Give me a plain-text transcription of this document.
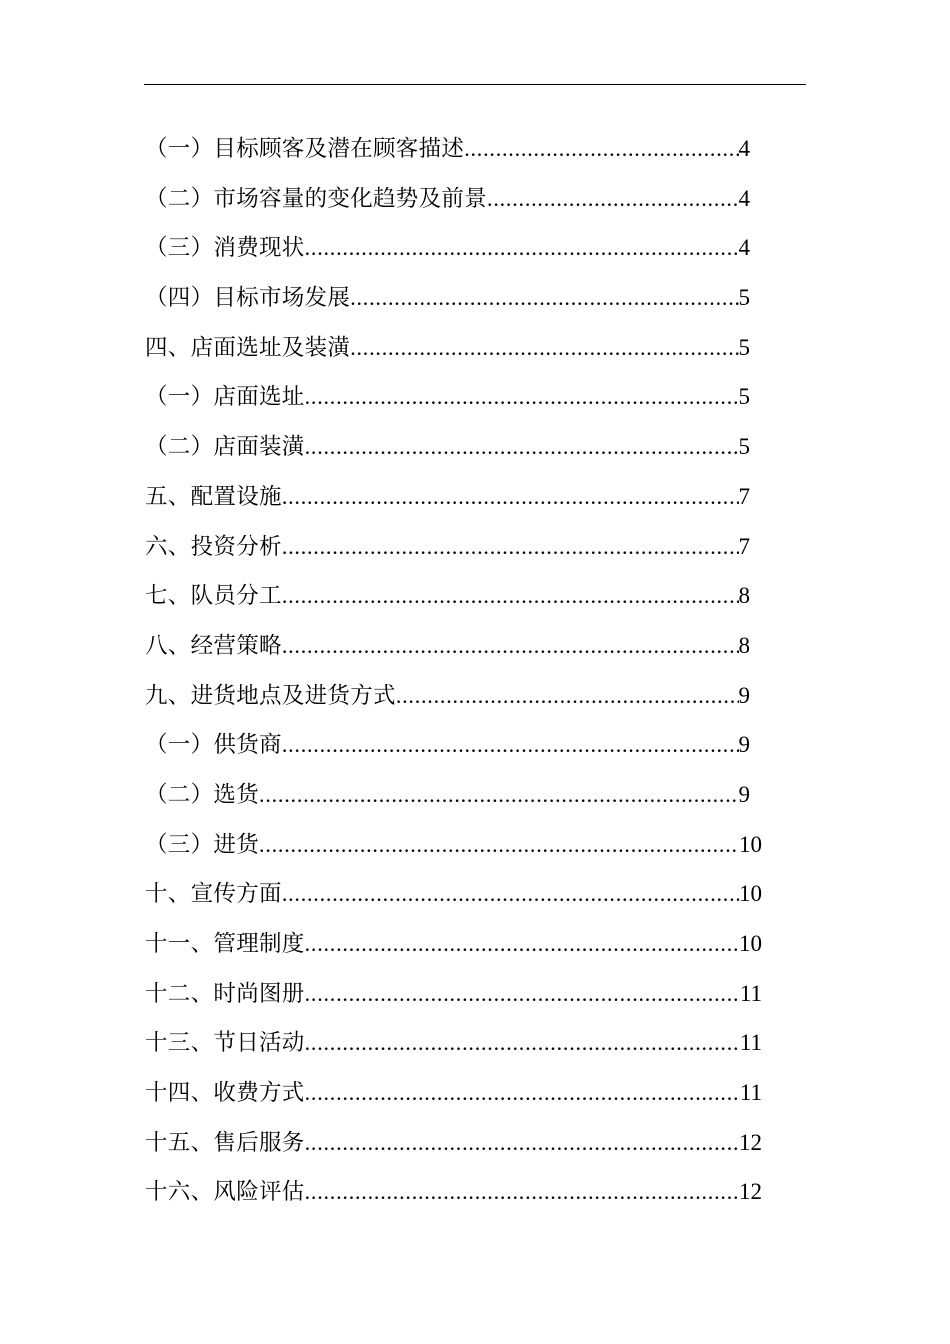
（一）目标顾客及潜在顾客描述 .....	4
（二）市场容量的变化趋势及前景 .....	4
（三）消费现状 .....	4
（四）目标市场发展 .....	5
四、店面选址及装潢 .....	5
（一）店面选址 .....	5
（二）店面装潢 .....	5
五、配置设施 .....	7
六、投资分析 .....	7
七、队员分工 .....	8
八、经营策略 .....	8
九、进货地点及进货方式 .....	9
（一）供货商 .....	9
（二）选货 .....	9
（三）进货 .....	10
十、宣传方面 .....	10
十一、管理制度 .....	10
十二、时尚图册 .....	11
十三、节日活动 .....	11
十四、收费方式 .....	11
十五、售后服务 .....	12
十六、风险评估 .....	12
